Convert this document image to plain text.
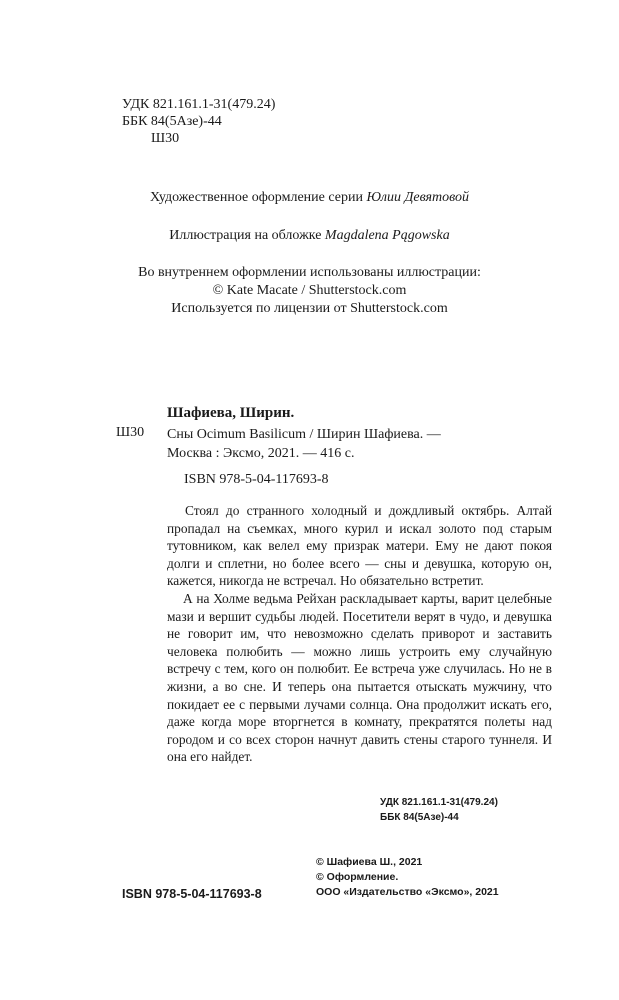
УДК 821.161.1-31(479.24)
ББК 84(5Азе)-44
Ш30
Художественное оформление серии Юлии Девятовой
Иллюстрация на обложке Magdalena Pągowska
Во внутреннем оформлении использованы иллюстрации:
© Kate Macate / Shutterstock.com
Используется по лицензии от Shutterstock.com
Шафиева, Ширин.
Ш30 Сны Ocimum Basilicum / Ширин Шафиева. —
Москва : Эксмо, 2021. — 416 с.
ISBN 978-5-04-117693-8

Стоял до странного холодный и дождливый октябрь. Алтай пропадал на съемках, много курил и искал золото под старым тутовником, как велел ему призрак матери. Ему не дают покоя долги и сплетни, но более всего — сны и девушка, которую он, кажется, никогда не встречал. Но обязательно встретит.

А на Холме ведьма Рейхан раскладывает карты, варит целебные мази и вершит судьбы людей. Посетители верят в чудо, и девушка не говорит им, что невозможно сделать приворот и заставить человека полюбить — можно лишь устроить ему случайную встречу с тем, кого он полюбит. Ее встреча уже случилась. Но не в жизни, а во сне. И теперь она пытается отыскать мужчину, что покидает ее с первыми лучами солнца. Она продолжит искать его, даже когда море вторгнется в комнату, прекратятся полеты над городом и со всех сторон начнут давить стены старого туннеля. И она его найдет.

УДК 821.161.1-31(479.24)
ББК 84(5Азе)-44
© Шафиева Ш., 2021
© Оформление.
ООО «Издательство «Эксмо», 2021
ISBN 978-5-04-117693-8
